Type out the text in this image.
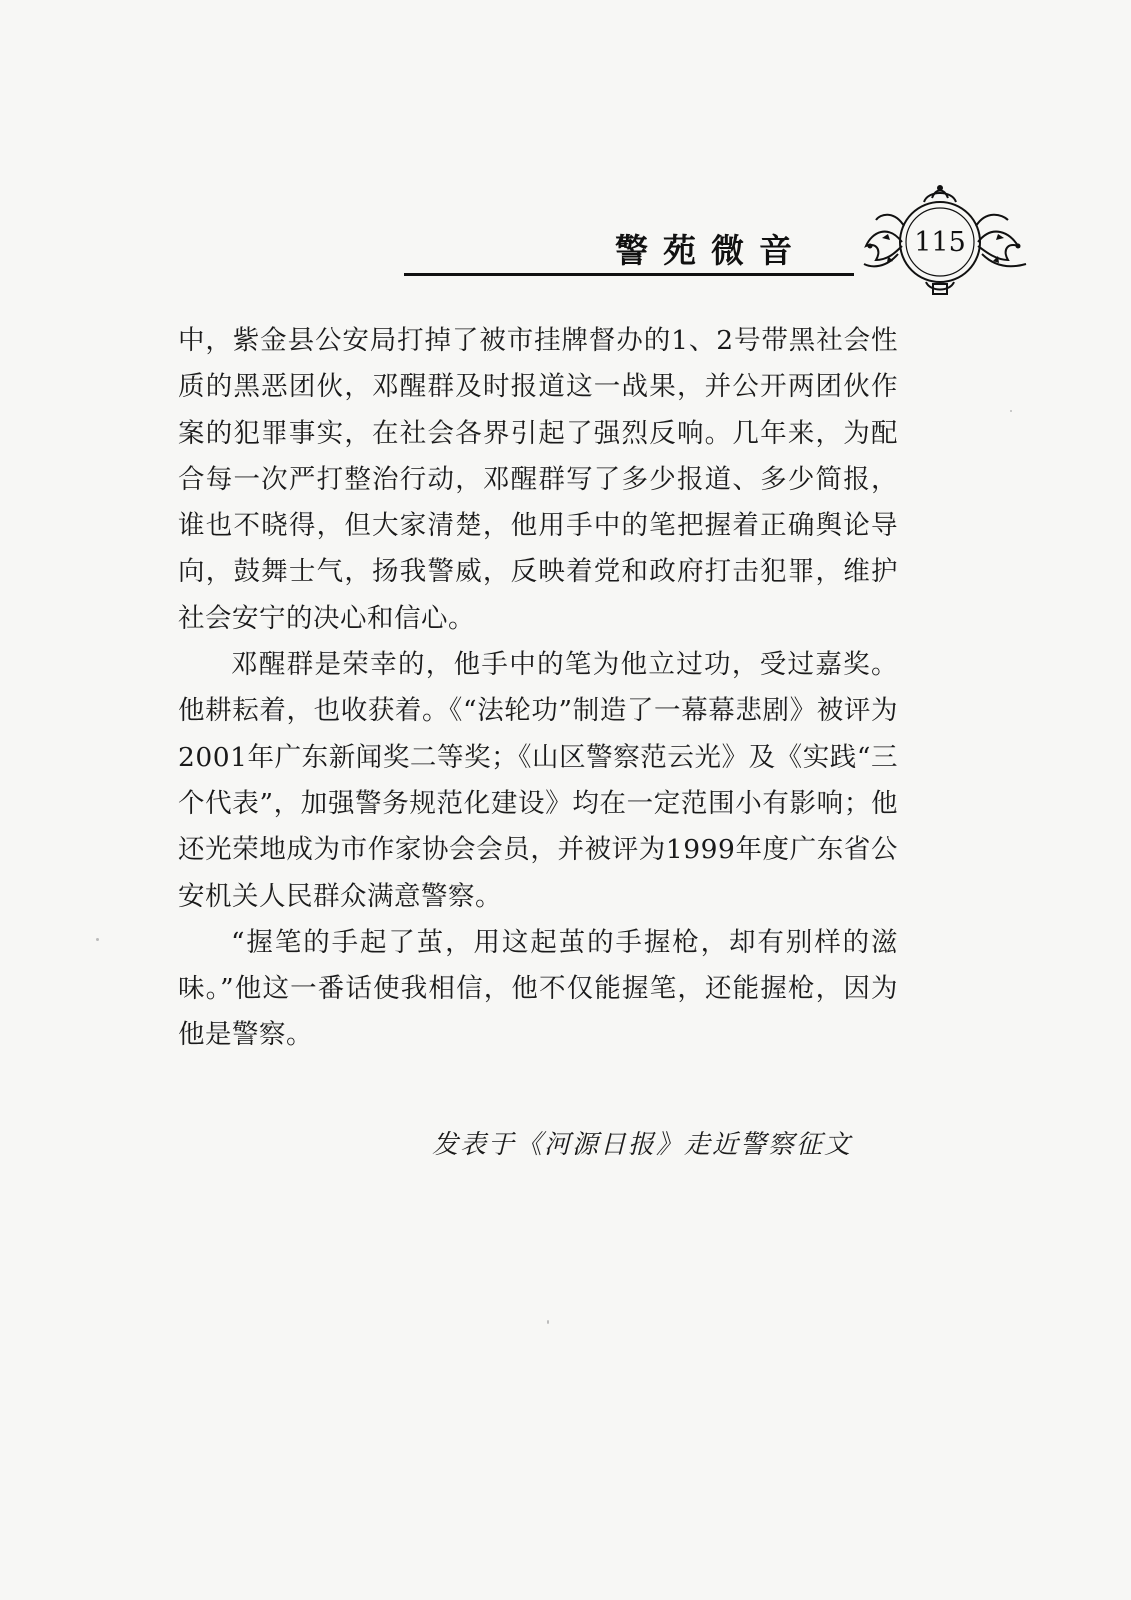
警苑微音	115

中，紫金县公安局打掉了被市挂牌督办的1、2号带黑社会性质的黑恶团伙，邓醒群及时报道这一战果，并公开两团伙作案的犯罪事实，在社会各界引起了强烈反响。几年来，为配合每一次严打整治行动，邓醒群写了多少报道、多少简报，谁也不晓得，但大家清楚，他用手中的笔把握着正确舆论导向，鼓舞士气，扬我警威，反映着党和政府打击犯罪，维护社会安宁的决心和信心。

邓醒群是荣幸的，他手中的笔为他立过功，受过嘉奖。他耕耘着，也收获着。《“法轮功”制造了一幕幕悲剧》被评为2001年广东新闻奖二等奖；《山区警察范云光》及《实践“三个代表”，加强警务规范化建设》均在一定范围小有影响；他还光荣地成为市作家协会会员，并被评为1999年度广东省公安机关人民群众满意警察。

“握笔的手起了茧，用这起茧的手握枪，却有别样的滋味。”他这一番话使我相信，他不仅能握笔，还能握枪，因为他是警察。

发表于《河源日报》走近警察征文
